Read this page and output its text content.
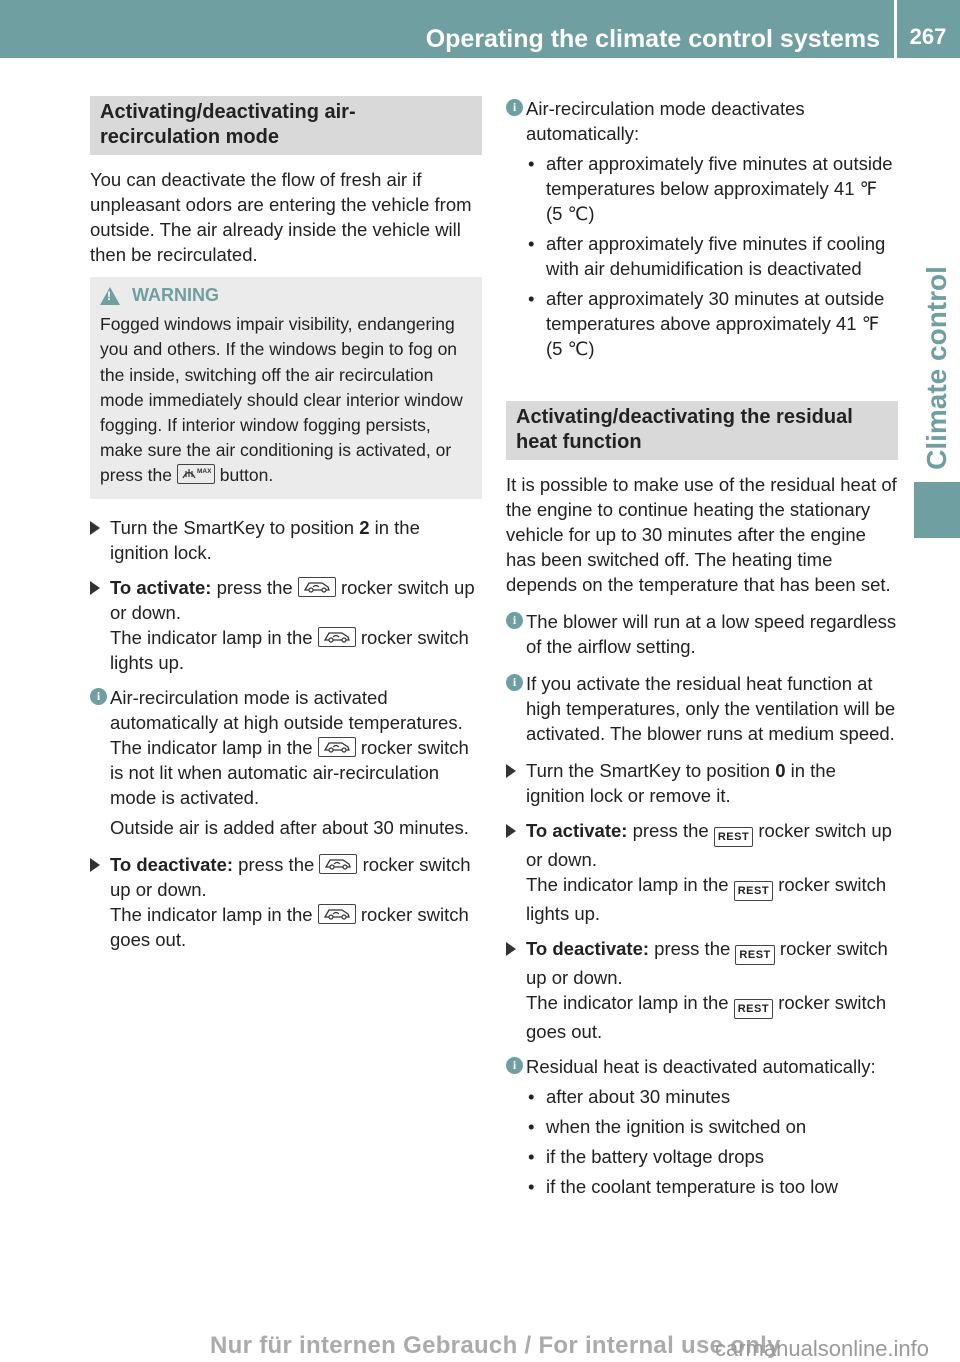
Operating the climate control systems	267
Climate control
Activating/deactivating air-recirculation mode

You can deactivate the flow of fresh air if unpleasant odors are entering the vehicle from outside. The air already inside the vehicle will then be recirculated.

!
WARNING
Fogged windows impair visibility, endangering you and others. If the windows begin to fog on the inside, switching off the air recirculation mode immediately should clear interior window fogging. If interior window fogging persists, make sure the air conditioning is activated, or press the	MAX button.
Turn the SmartKey to position 2 in the ignition lock.
To activate: press the	rocker switch up or down.
The indicator lamp in the	rocker switch lights up.
i Air-recirculation mode is activated automatically at high outside temperatures. The indicator lamp in the	rocker switch is not lit when automatic air-recirculation mode is activated.
Outside air is added after about 30 minutes.
To deactivate: press the	rocker switch up or down.
The indicator lamp in the	rocker switch goes out.
i Air-recirculation mode deactivates automatically:
• after approximately five minutes at outside temperatures below approximately 41 ℉ (5 ℃)
• after approximately five minutes if cooling with air dehumidification is deactivated
• after approximately 30 minutes at outside temperatures above approximately 41 ℉ (5 ℃)
Activating/deactivating the residual heat function

It is possible to make use of the residual heat of the engine to continue heating the stationary vehicle for up to 30 minutes after the engine has been switched off. The heating time depends on the temperature that has been set.

i The blower will run at a low speed regardless of the airflow setting.
i If you activate the residual heat function at high temperatures, only the ventilation will be activated. The blower runs at medium speed.
Turn the SmartKey to position 0 in the ignition lock or remove it.
To activate: press the REST rocker switch up or down.
The indicator lamp in the REST rocker switch lights up.
To deactivate: press the REST rocker switch up or down.
The indicator lamp in the REST rocker switch goes out.
i Residual heat is deactivated automatically:
• after about 30 minutes
• when the ignition is switched on
• if the battery voltage drops
• if the coolant temperature is too low
Nur für internen Gebrauch / For internal use only
carmanualsonline.info
